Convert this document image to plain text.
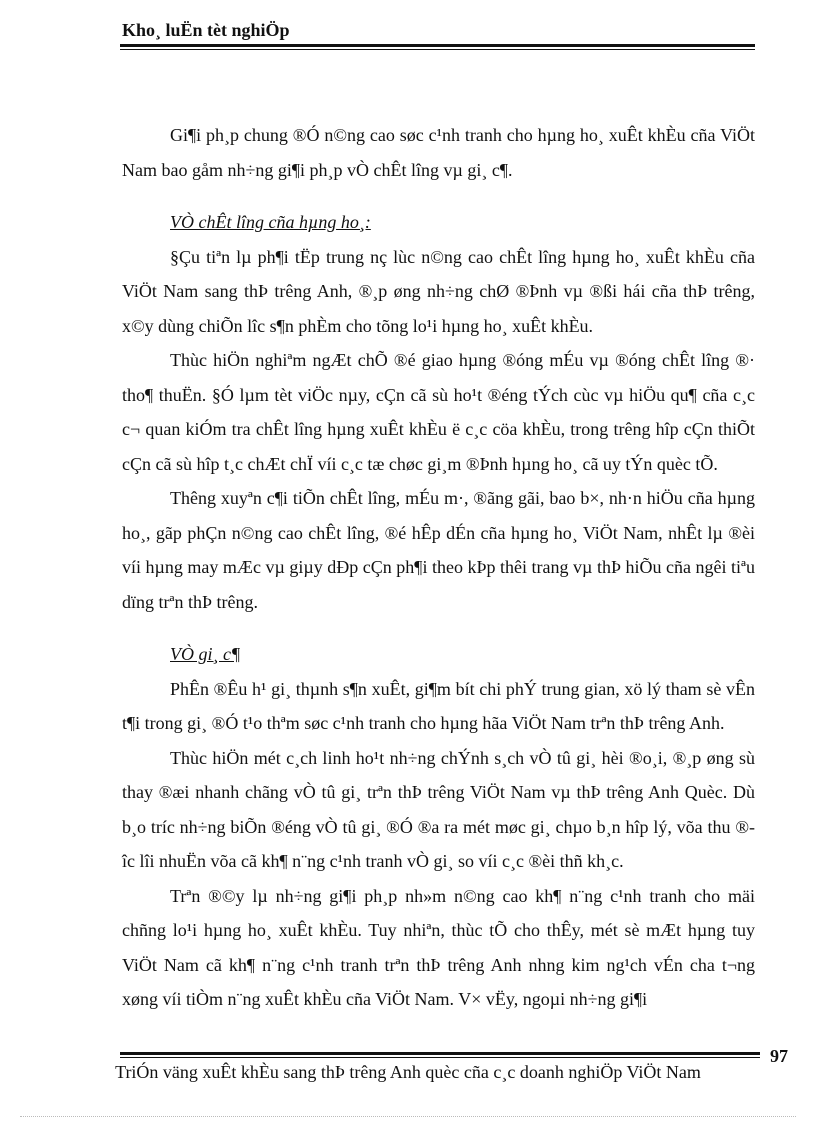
Kho¸ luËn tèt nghiÖp

Gi¶i ph¸p chung ®Ó n©ng cao søc c¹nh tranh cho hµng ho¸ xuÊt khÈu cña ViÖt Nam bao gåm nh÷ng gi¶i ph¸p vÒ chÊt lîng vµ gi¸ c¶.

VÒ chÊt lîng cña hµng ho¸:

§Çu tiªn lµ ph¶i tËp trung nç lùc n©ng cao chÊt lîng hµng ho¸ xuÊt khÈu cña ViÖt Nam sang thÞ trêng Anh, ®¸p øng nh÷ng chØ ®Þnh vµ ®ßi hái cña thÞ trêng, x©y dùng chiÕn lîc s¶n phÈm cho tõng lo¹i hµng ho¸ xuÊt khÈu.

Thùc hiÖn nghiªm ngÆt chÕ ®é giao hµng ®óng mÉu vµ ®óng chÊt lîng ®· tho¶ thuËn. §Ó lµm tèt viÖc nµy, cÇn cã sù ho¹t ®éng tÝch cùc vµ hiÖu qu¶ cña c¸c c¬ quan kiÓm tra chÊt lîng hµng xuÊt khÈu ë c¸c cöa khÈu, trong trêng hîp cÇn thiÕt cÇn cã sù hîp t¸c chÆt chÏ víi c¸c tæ chøc gi¸m ®Þnh hµng ho¸ cã uy tÝn quèc tÕ.

Thêng xuyªn c¶i tiÕn chÊt lîng, mÉu m·, ®ãng gãi, bao b×, nh·n hiÖu cña hµng ho¸, gãp phÇn n©ng cao chÊt lîng, ®é hÊp dÉn cña hµng ho¸ ViÖt Nam, nhÊt lµ ®èi víi hµng may mÆc vµ giµy dÐp cÇn ph¶i theo kÞp thêi trang vµ thÞ hiÕu cña ngêi tiªu dïng trªn thÞ trêng.

VÒ gi¸ c¶

PhÊn ®Êu h¹ gi¸ thµnh s¶n xuÊt, gi¶m bít chi phÝ trung gian, xö lý tham sè vÊn t¶i trong gi¸ ®Ó t¹o thªm søc c¹nh tranh cho hµng hãa ViÖt Nam trªn thÞ trêng Anh.

Thùc hiÖn mét c¸ch linh ho¹t nh÷ng chÝnh s¸ch vÒ tû gi¸ hèi ®o¸i, ®¸p øng sù thay ®æi nhanh chãng vÒ tû gi¸ trªn thÞ trêng ViÖt Nam vµ thÞ trêng Anh Quèc. Dù b¸o tríc nh÷ng biÕn ®éng vÒ tû gi¸ ®Ó ®a ra mét møc gi¸ chµo b¸n hîp lý, võa thu ®îc lîi nhuËn võa cã kh¶ n¨ng c¹nh tranh vÒ gi¸ so víi c¸c ®èi thñ kh¸c.

Trªn ®©y lµ nh÷ng gi¶i ph¸p nh»m n©ng cao kh¶ n¨ng c¹nh tranh cho mäi chñng lo¹i hµng ho¸ xuÊt khÈu. Tuy nhiªn, thùc tÕ cho thÊy, mét sè mÆt hµng tuy ViÖt Nam cã kh¶ n¨ng c¹nh tranh trªn thÞ trêng Anh nhng kim ng¹ch vÉn cha t¬ng xøng víi tiÒm n¨ng xuÊt khÈu cña ViÖt Nam. V× vËy, ngoµi nh÷ng gi¶i

97
TriÓn väng xuÊt khÈu sang thÞ trêng Anh quèc cña c¸c doanh nghiÖp ViÖt Nam
